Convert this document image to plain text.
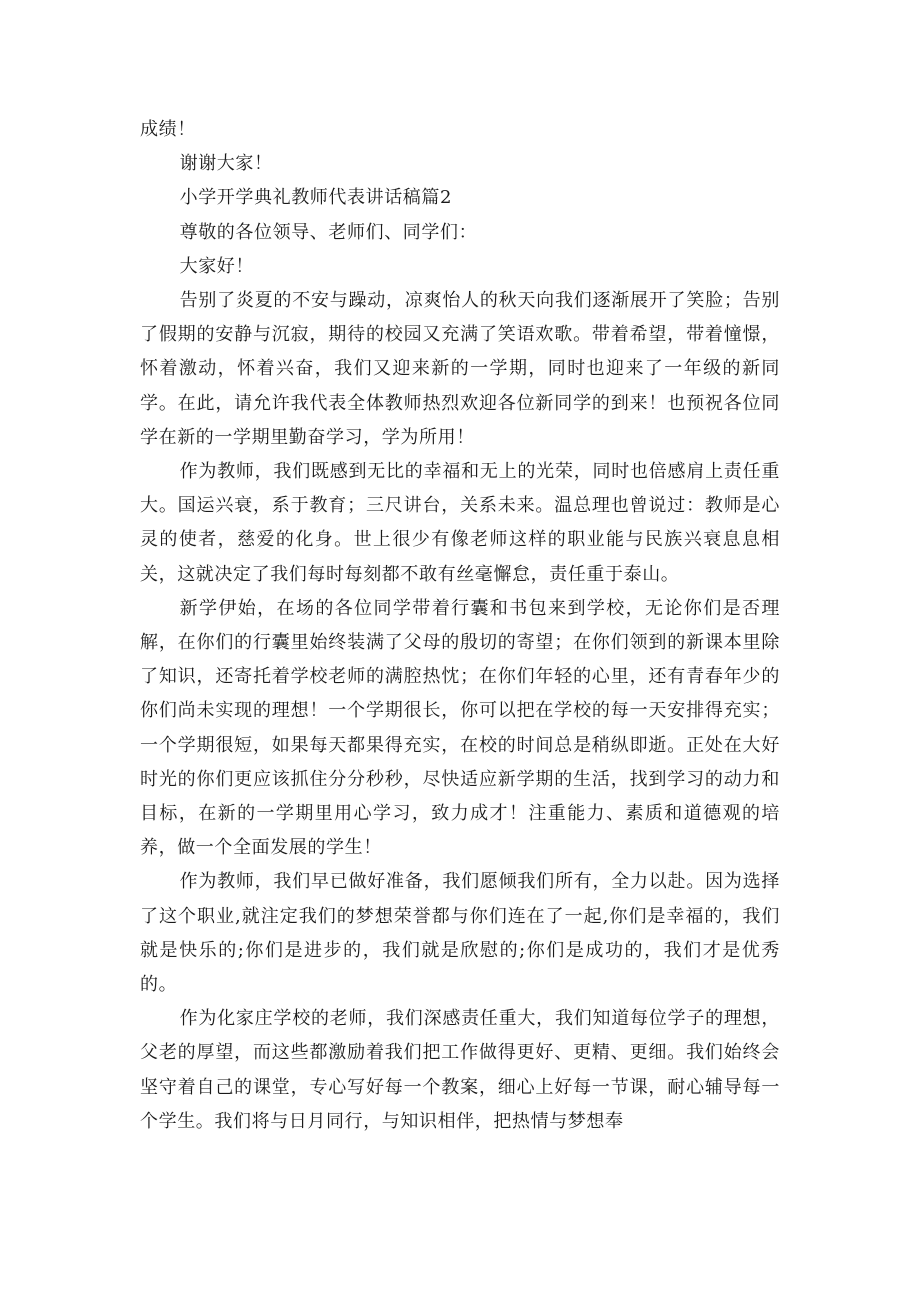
成绩！

谢谢大家！

小学开学典礼教师代表讲话稿篇2

尊敬的各位领导、老师们、同学们：

大家好！

告别了炎夏的不安与躁动，凉爽怡人的秋天向我们逐渐展开了笑脸；告别了假期的安静与沉寂，期待的校园又充满了笑语欢歌。带着希望，带着憧憬，怀着激动，怀着兴奋，我们又迎来新的一学期，同时也迎来了一年级的新同学。在此，请允许我代表全体教师热烈欢迎各位新同学的到来！也预祝各位同学在新的一学期里勤奋学习，学为所用！

作为教师，我们既感到无比的幸福和无上的光荣，同时也倍感肩上责任重大。国运兴衰，系于教育；三尺讲台，关系未来。温总理也曾说过：教师是心灵的使者，慈爱的化身。世上很少有像老师这样的职业能与民族兴衰息息相关，这就决定了我们每时每刻都不敢有丝毫懈怠，责任重于泰山。

新学伊始，在场的各位同学带着行囊和书包来到学校，无论你们是否理解，在你们的行囊里始终装满了父母的殷切的寄望；在你们领到的新课本里除了知识，还寄托着学校老师的满腔热忱；在你们年轻的心里，还有青春年少的你们尚未实现的理想！一个学期很长，你可以把在学校的每一天安排得充实；一个学期很短，如果每天都果得充实，在校的时间总是稍纵即逝。正处在大好时光的你们更应该抓住分分秒秒，尽快适应新学期的生活，找到学习的动力和目标，在新的一学期里用心学习，致力成才！注重能力、素质和道德观的培养，做一个全面发展的学生！

作为教师，我们早已做好准备，我们愿倾我们所有，全力以赴。因为选择了这个职业,就注定我们的梦想荣誉都与你们连在了一起,你们是幸福的，我们就是快乐的;你们是进步的，我们就是欣慰的;你们是成功的，我们才是优秀的。

作为化家庄学校的老师，我们深感责任重大，我们知道每位学子的理想，父老的厚望，而这些都激励着我们把工作做得更好、更精、更细。我们始终会坚守着自己的课堂，专心写好每一个教案，细心上好每一节课，耐心辅导每一个学生。我们将与日月同行，与知识相伴，把热情与梦想奉
